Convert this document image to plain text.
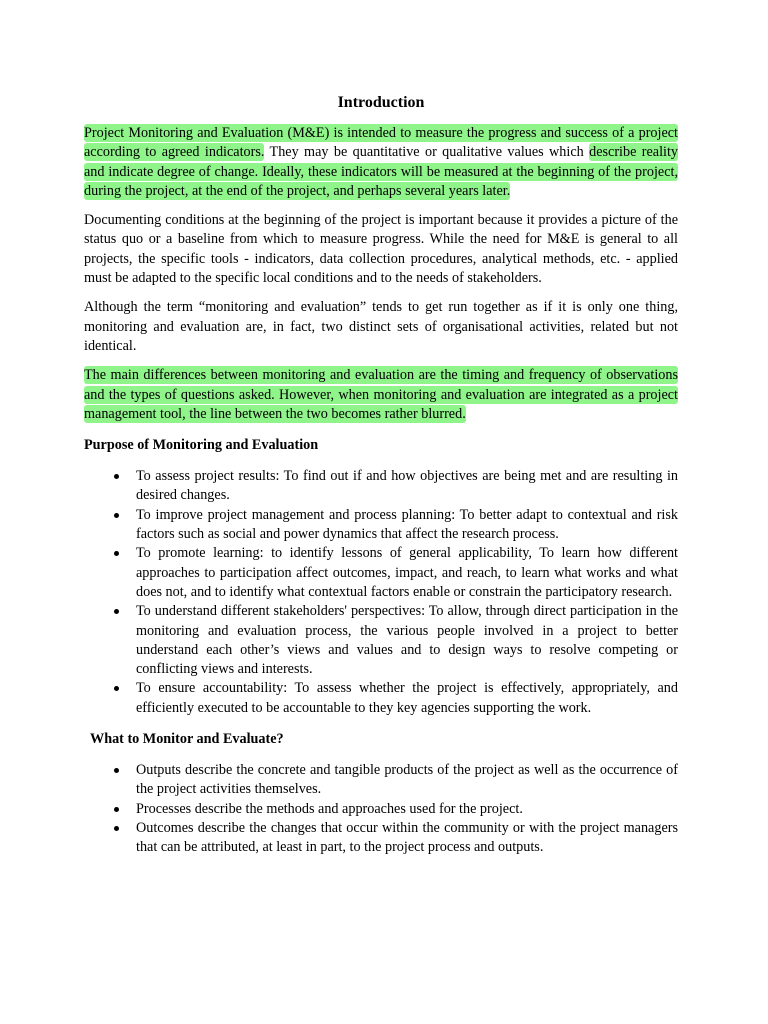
Introduction

Project Monitoring and Evaluation (M&E) is intended to measure the progress and success of a project according to agreed indicators. They may be quantitative or qualitative values which describe reality and indicate degree of change. Ideally, these indicators will be measured at the beginning of the project, during the project, at the end of the project, and perhaps several years later.

Documenting conditions at the beginning of the project is important because it provides a picture of the status quo or a baseline from which to measure progress. While the need for M&E is general to all projects, the specific tools - indicators, data collection procedures, analytical methods, etc. - applied must be adapted to the specific local conditions and to the needs of stakeholders.

Although the term “monitoring and evaluation” tends to get run together as if it is only one thing, monitoring and evaluation are, in fact, two distinct sets of organisational activities, related but not identical.

The main differences between monitoring and evaluation are the timing and frequency of observations and the types of questions asked. However, when monitoring and evaluation are integrated as a project management tool, the line between the two becomes rather blurred.

Purpose of Monitoring and Evaluation
To assess project results: To find out if and how objectives are being met and are resulting in desired changes.
To improve project management and process planning: To better adapt to contextual and risk factors such as social and power dynamics that affect the research process.
To promote learning: to identify lessons of general applicability, To learn how different approaches to participation affect outcomes, impact, and reach, to learn what works and what does not, and to identify what contextual factors enable or constrain the participatory research.
To understand different stakeholders' perspectives: To allow, through direct participation in the monitoring and evaluation process, the various people involved in a project to better understand each other’s views and values and to design ways to resolve competing or conflicting views and interests.
To ensure accountability: To assess whether the project is effectively, appropriately, and efficiently executed to be accountable to they key agencies supporting the work.
What to Monitor and Evaluate?
Outputs describe the concrete and tangible products of the project as well as the occurrence of the project activities themselves.
Processes describe the methods and approaches used for the project.
Outcomes describe the changes that occur within the community or with the project managers that can be attributed, at least in part, to the project process and outputs.
